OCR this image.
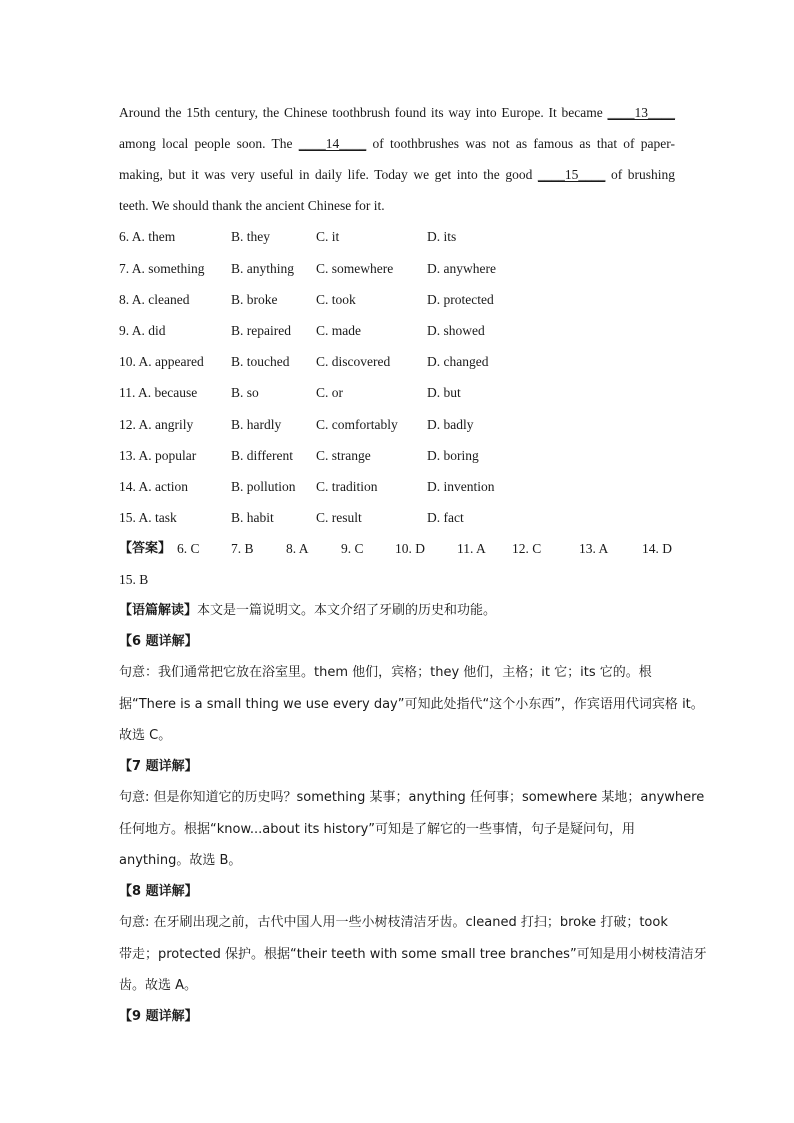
Around the 15th century, the Chinese toothbrush found its way into Europe. It became ____13____
among local people soon. The ____14____ of toothbrushes was not as famous as that of paper-
making, but it was very useful in daily life. Today we get into the good ____15____ of brushing
teeth. We should thank the ancient Chinese for it.
6. A. them	B. they	C. it	D. its
7. A. something B. anything C. somewhere	D. anywhere
8. A. cleaned	B. broke	C. took	D. protected
9. A. did	B. repaired C. made	D. showed
10. A. appeared B. touched C. discovered	D. changed
11. A. because	B. so	C. or	D. but
12. A. angrily	B. hardly	C. comfortably D. badly
13. A. popular	B. different C. strange	D. boring
14. A. action	B. pollution C. tradition	D. invention
15. A. task	B. habit	C. result	D. fact
【答案】 6. C 7. B 8. A 9. C 10. D 11. A 12. C	13. A 14. D
15. B
【语篇解读】本文是一篇说明文。本文介绍了牙刷的历史和功能。
【6 题详解】
句意：我们通常把它放在浴室里。them 他们，宾格；they 他们，主格；it 它；its 它的。根
据“There is a small thing we use every day”可知此处指代“这个小东西”，作宾语用代词宾格 it。
故选 C。
【7 题详解】
句意: 但是你知道它的历史吗？something 某事；anything 任何事；somewhere 某地；anywhere
任何地方。根据“know...about its history”可知是了解它的一些事情，句子是疑问句，用
anything。故选 B。
【8 题详解】
句意: 在牙刷出现之前，古代中国人用一些小树枝清洁牙齿。cleaned 打扫；broke 打破；took
带走；protected 保护。根据“their teeth with some small tree branches”可知是用小树枝清洁牙
齿。故选 A。
【9 题详解】
